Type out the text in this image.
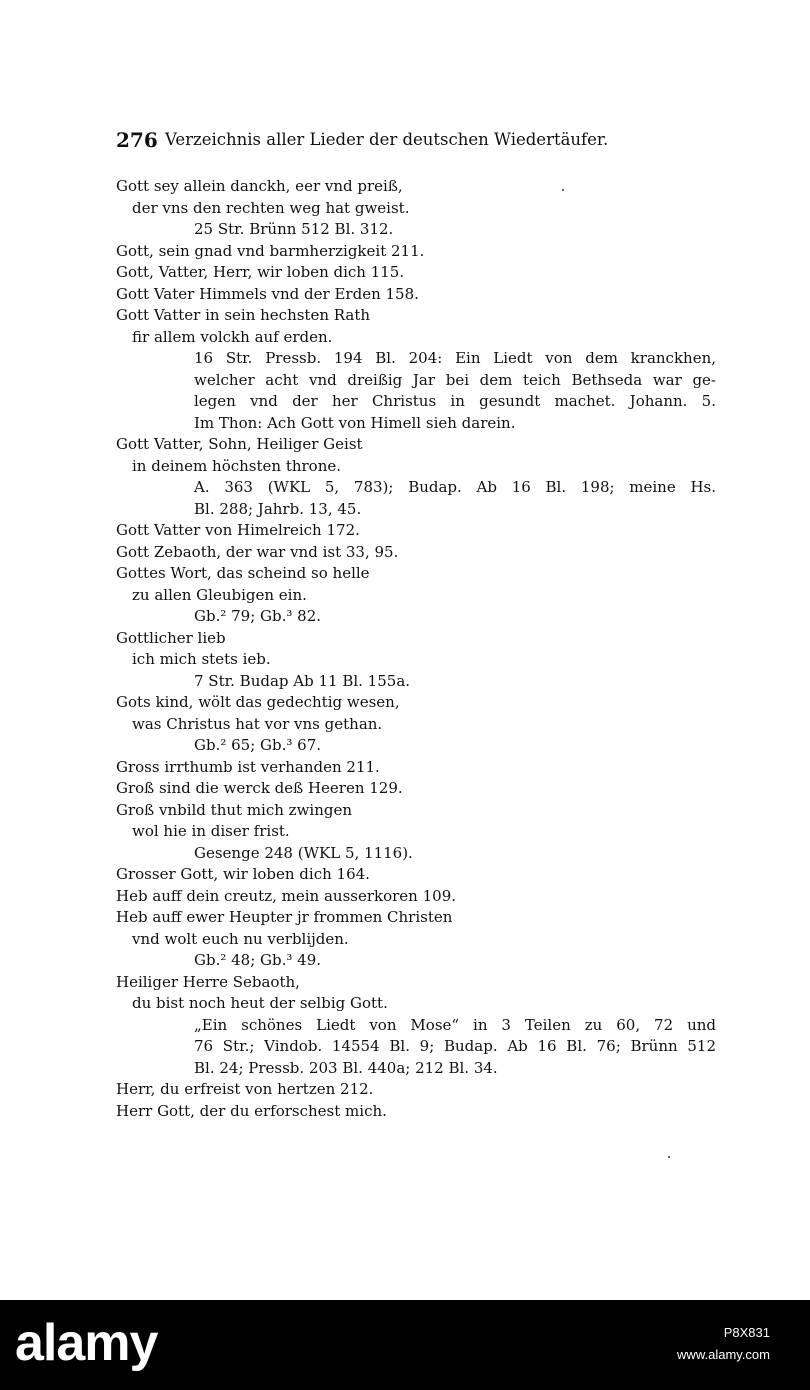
276 Verzeichnis aller Lieder der deutschen Wiedertäufer.
Gott sey allein danckh, eer vnd preiß,
der vns den rechten weg hat gweist.
25 Str. Brünn 512 Bl. 312.
Gott, sein gnad vnd barmherzigkeit 211.
Gott, Vatter, Herr, wir loben dich 115.
Gott Vater Himmels vnd der Erden 158.
Gott Vatter in sein hechsten Rath
fir allem volckh auf erden.
16 Str. Pressb. 194 Bl. 204: Ein Liedt von dem kranckhen,
welcher acht vnd dreißig Jar bei dem teich Bethseda war ge-
legen vnd der her Christus in gesundt machet. Johann. 5.
Im Thon: Ach Gott von Himell sieh darein.
Gott Vatter, Sohn, Heiliger Geist
in deinem höchsten throne.
A. 363 (WKL 5, 783); Budap. Ab 16 Bl. 198; meine Hs.
Bl. 288; Jahrb. 13, 45.
Gott Vatter von Himelreich 172.
Gott Zebaoth, der war vnd ist 33, 95.
Gottes Wort, das scheind so helle
zu allen Gleubigen ein.
Gb.² 79; Gb.³ 82.
Gottlicher lieb
ich mich stets ieb.
7 Str. Budap Ab 11 Bl. 155a.
Gots kind, wölt das gedechtig wesen,
was Christus hat vor vns gethan.
Gb.² 65; Gb.³ 67.
Gross irrthumb ist verhanden 211.
Groß sind die werck deß Heeren 129.
Groß vnbild thut mich zwingen
wol hie in diser frist.
Gesenge 248 (WKL 5, 1116).
Grosser Gott, wir loben dich 164.
Heb auff dein creutz, mein ausserkoren 109.
Heb auff ewer Heupter jr frommen Christen
vnd wolt euch nu verblijden.
Gb.² 48; Gb.³ 49.
Heiliger Herre Sebaoth,
du bist noch heut der selbig Gott.
„Ein schönes Liedt von Mose“ in 3 Teilen zu 60, 72 und
76 Str.; Vindob. 14554 Bl. 9; Budap. Ab 16 Bl. 76; Brünn 512
Bl. 24; Pressb. 203 Bl. 440a; 212 Bl. 34.
Herr, du erfreist von hertzen 212.
Herr Gott, der du erforschest mich.
alamy	P8X831
www.alamy.com
